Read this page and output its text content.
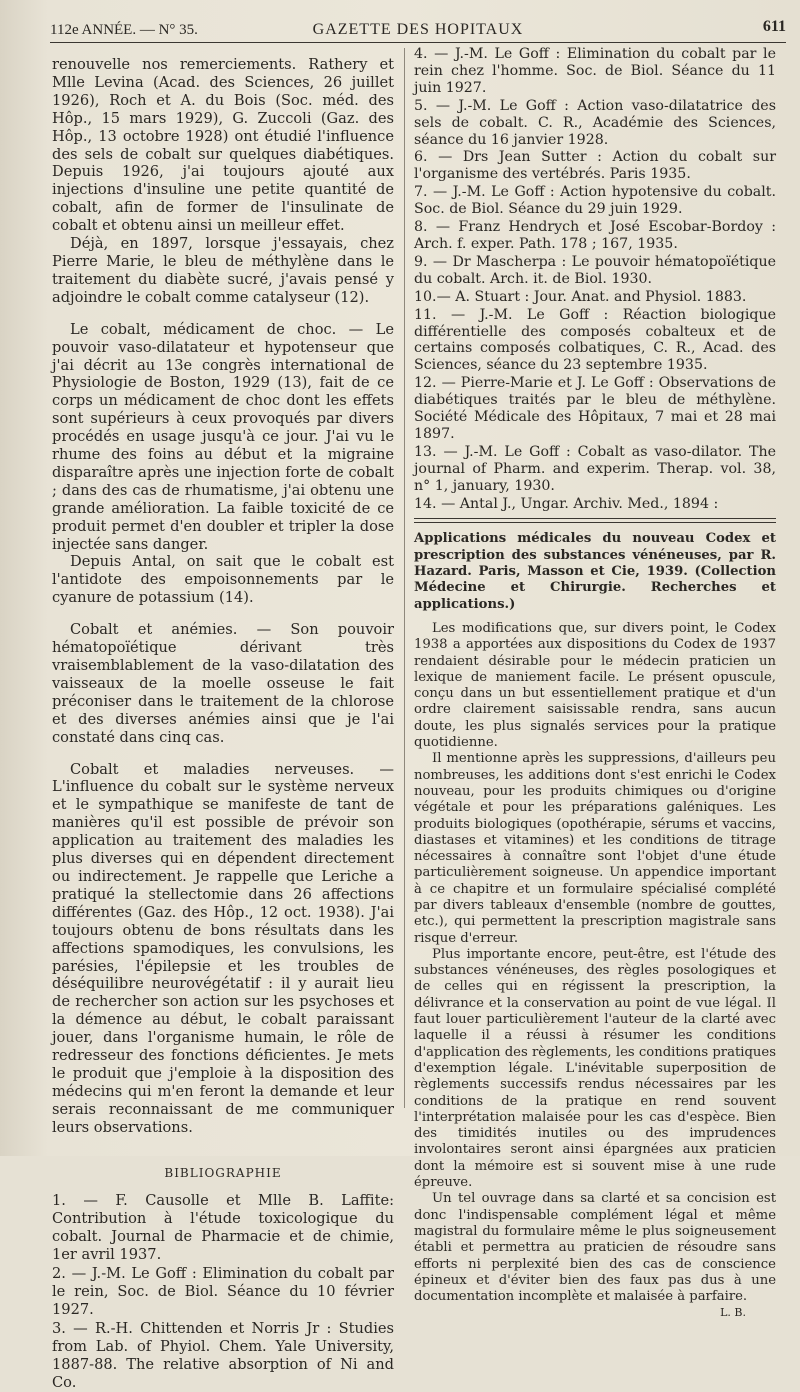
112e ANNÉE. — N° 35.	GAZETTE DES HOPITAUX	611

renouvelle nos remerciements. Rathery et Mlle Levina (Acad. des Sciences, 26 juillet 1926), Roch et A. du Bois (Soc. méd. des Hôp., 15 mars 1929), G. Zuccoli (Gaz. des Hôp., 13 octobre 1928) ont étudié l'influence des sels de cobalt sur quelques diabétiques. Depuis 1926, j'ai toujours ajouté aux injections d'insuline une petite quantité de cobalt, afin de former de l'insulinate de cobalt et obtenu ainsi un meilleur effet.

Déjà, en 1897, lorsque j'essayais, chez Pierre Marie, le bleu de méthylène dans le traitement du diabète sucré, j'avais pensé y adjoindre le cobalt comme catalyseur (12).

Le cobalt, médicament de choc. — Le pouvoir vaso-dilatateur et hypotenseur que j'ai décrit au 13e congrès international de Physiologie de Boston, 1929 (13), fait de ce corps un médicament de choc dont les effets sont supérieurs à ceux provoqués par divers procédés en usage jusqu'à ce jour. J'ai vu le rhume des foins au début et la migraine disparaître après une injection forte de cobalt ; dans des cas de rhumatisme, j'ai obtenu une grande amélioration. La faible toxicité de ce produit permet d'en doubler et tripler la dose injectée sans danger.

Depuis Antal, on sait que le cobalt est l'antidote des empoisonnements par le cyanure de potassium (14).

Cobalt et anémies. — Son pouvoir hématopoïétique dérivant très vraisemblablement de la vaso-dilatation des vaisseaux de la moelle osseuse le fait préconiser dans le traitement de la chlorose et des diverses anémies ainsi que je l'ai constaté dans cinq cas.

Cobalt et maladies nerveuses. — L'influence du cobalt sur le système nerveux et le sympathique se manifeste de tant de manières qu'il est possible de prévoir son application au traitement des maladies les plus diverses qui en dépendent directement ou indirectement. Je rappelle que Leriche a pratiqué la stellectomie dans 26 affections différentes (Gaz. des Hôp., 12 oct. 1938). J'ai toujours obtenu de bons résultats dans les affections spamodiques, les convulsions, les parésies, l'épilepsie et les troubles de déséquilibre neurovégétatif : il y aurait lieu de rechercher son action sur les psychoses et la démence au début, le cobalt paraissant jouer, dans l'organisme humain, le rôle de redresseur des fonctions déficientes. Je mets le produit que j'emploie à la disposition des médecins qui m'en feront la demande et leur serais reconnaissant de me communiquer leurs observations.

BIBLIOGRAPHIE

1. — F. Causolle et Mlle B. Laffite: Contribution à l'étude toxicologique du cobalt. Journal de Pharmacie et de chimie, 1er avril 1937.

2. — J.-M. Le Goff : Elimination du cobalt par le rein, Soc. de Biol. Séance du 10 février 1927.

3. — R.-H. Chittenden et Norris Jr : Studies from Lab. of Phyiol. Chem. Yale University, 1887-88. The relative absorption of Ni and Co.

4. — J.-M. Le Goff : Elimination du cobalt par le rein chez l'homme. Soc. de Biol. Séance du 11 juin 1927.

5. — J.-M. Le Goff : Action vaso-dilatatrice des sels de cobalt. C. R., Académie des Sciences, séance du 16 janvier 1928.

6. — Drs Jean Sutter : Action du cobalt sur l'organisme des vertébrés. Paris 1935.

7. — J.-M. Le Goff : Action hypotensive du cobalt. Soc. de Biol. Séance du 29 juin 1929.

8. — Franz Hendrych et José Escobar-Bordoy : Arch. f. exper. Path. 178 ; 167, 1935.

9. — Dr Mascherpa : Le pouvoir hématopoïétique du cobalt. Arch. it. de Biol. 1930.

10.— A. Stuart : Jour. Anat. and Physiol. 1883.

11. — J.-M. Le Goff : Réaction biologique différentielle des composés cobalteux et de certains composés colbatiques, C. R., Acad. des Sciences, séance du 23 septembre 1935.

12. — Pierre-Marie et J. Le Goff : Observations de diabétiques traités par le bleu de méthylène. Société Médicale des Hôpitaux, 7 mai et 28 mai 1897.

13. — J.-M. Le Goff : Cobalt as vaso-dilator. The journal of Pharm. and experim. Therap. vol. 38, n° 1, january, 1930.

14. — Antal J., Ungar. Archiv. Med., 1894 :

Applications médicales du nouveau Codex et prescription des substances vénéneuses, par R. Hazard. Paris, Masson et Cie, 1939. (Collection Médecine et Chirurgie. Recherches et applications.)

Les modifications que, sur divers point, le Codex 1938 a apportées aux dispositions du Codex de 1937 rendaient désirable pour le médecin praticien un lexique de maniement facile. Le présent opuscule, conçu dans un but essentiellement pratique et d'un ordre clairement saisissable rendra, sans aucun doute, les plus signalés services pour la pratique quotidienne.

Il mentionne après les suppressions, d'ailleurs peu nombreuses, les additions dont s'est enrichi le Codex nouveau, pour les produits chimiques ou d'origine végétale et pour les préparations galéniques. Les produits biologiques (opothérapie, sérums et vaccins, diastases et vitamines) et les conditions de titrage nécessaires à connaître sont l'objet d'une étude particulièrement soigneuse. Un appendice important à ce chapitre et un formulaire spécialisé complété par divers tableaux d'ensemble (nombre de gouttes, etc.), qui permettent la prescription magistrale sans risque d'erreur.

Plus importante encore, peut-être, est l'étude des substances vénéneuses, des règles posologiques et de celles qui en régissent la prescription, la délivrance et la conservation au point de vue légal. Il faut louer particulièrement l'auteur de la clarté avec laquelle il a réussi à résumer les conditions d'application des règlements, les conditions pratiques d'exemption légale. L'inévitable superposition de règlements successifs rendus nécessaires par les conditions de la pratique en rend souvent l'interprétation malaisée pour les cas d'espèce. Bien des timidités inutiles ou des imprudences involontaires seront ainsi épargnées aux praticien dont la mémoire est si souvent mise à une rude épreuve.

Un tel ouvrage dans sa clarté et sa concision est donc l'indispensable complément légal et même magistral du formulaire même le plus soigneusement établi et permettra au praticien de résoudre sans efforts ni perplexité bien des cas de conscience épineux et d'éviter bien des faux pas dus à une documentation incomplète et malaisée à parfaire.

L. B.
